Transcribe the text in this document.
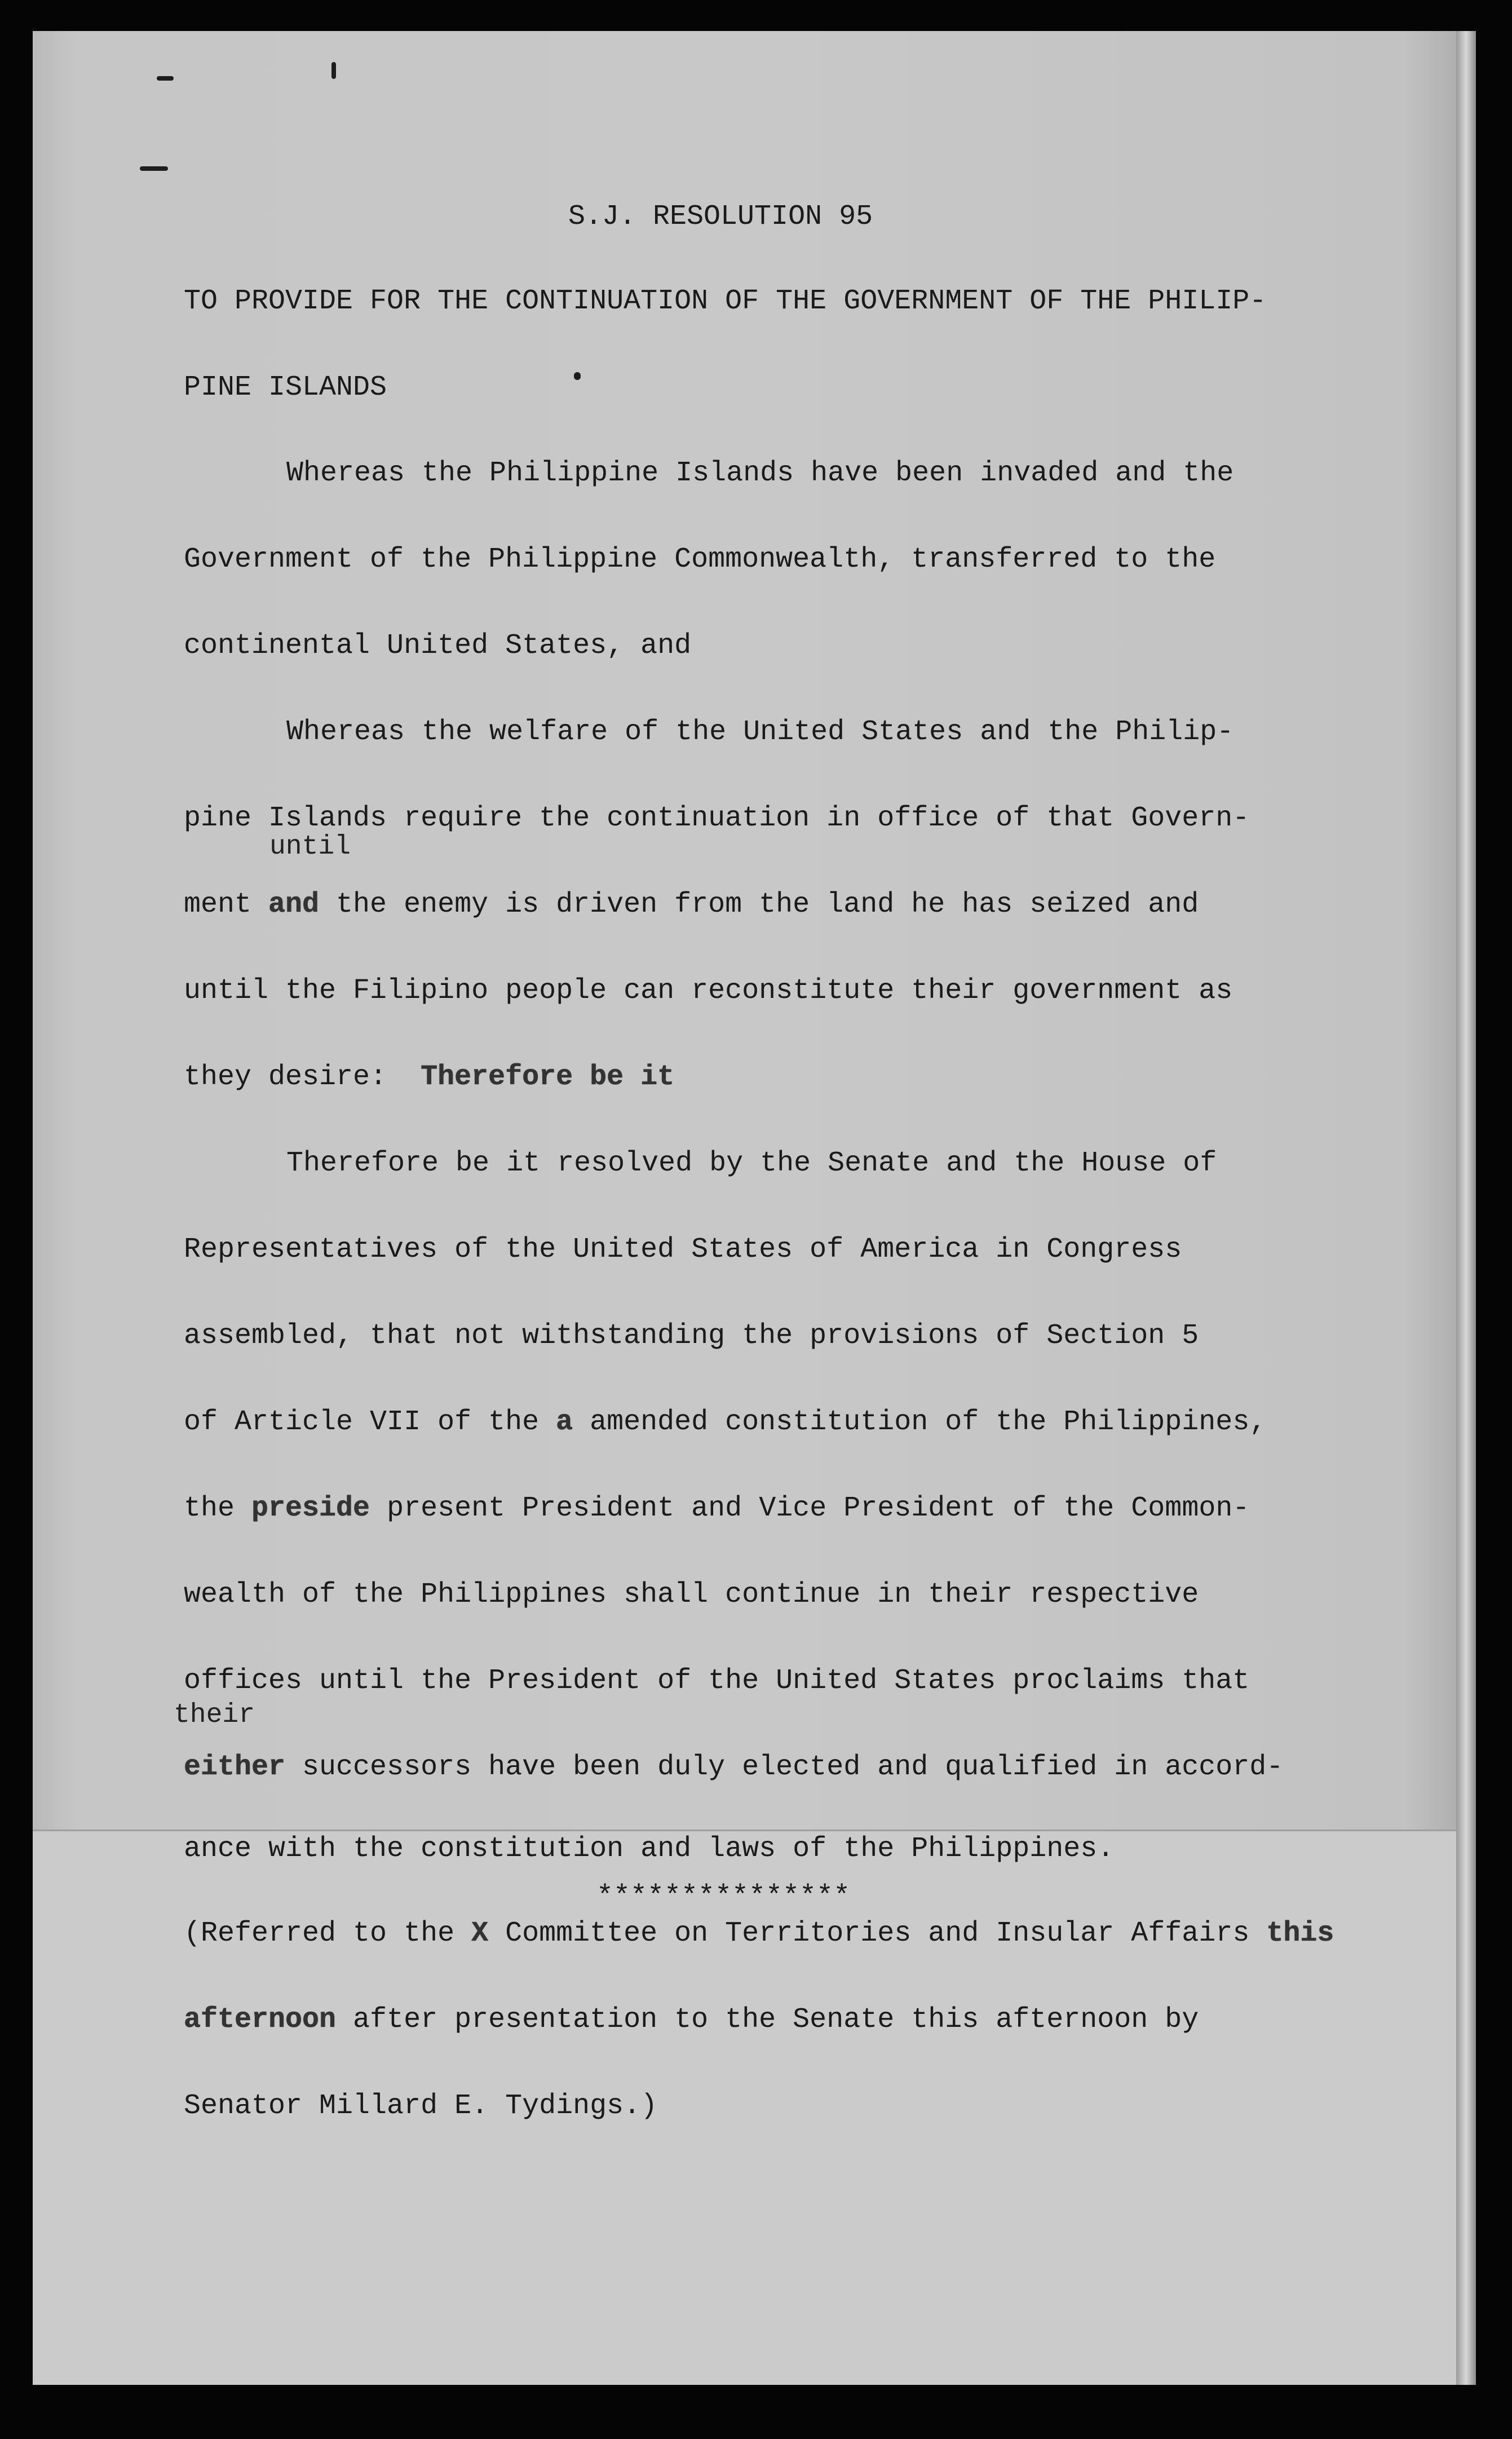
S.J. RESOLUTION 95
TO PROVIDE FOR THE CONTINUATION OF THE GOVERNMENT OF THE PHILIP-
PINE ISLANDS
Whereas the Philippine Islands have been invaded and the
Government of the Philippine Commonwealth, transferred to the
continental United States, and
Whereas the welfare of the United States and the Philip-
pine Islands require the continuation in office of that Govern-
until
ment and the enemy is driven from the land he has seized and
until the Filipino people can reconstitute their government as
they desire:  Therefore be it
Therefore be it resolved by the Senate and the House of
Representatives of the United States of America in Congress
assembled, that not withstanding the provisions of Section 5
of Article VII of the a amended constitution of the Philippines,
the preside present President and Vice President of the Common-
wealth of the Philippines shall continue in their respective
offices until the President of the United States proclaims that
their
either successors have been duly elected and qualified in accord-
ance with the constitution and laws of the Philippines.
***************
(Referred to the X Committee on Territories and Insular Affairs this
afternoon after presentation to the Senate this afternoon by
Senator Millard E. Tydings.)
